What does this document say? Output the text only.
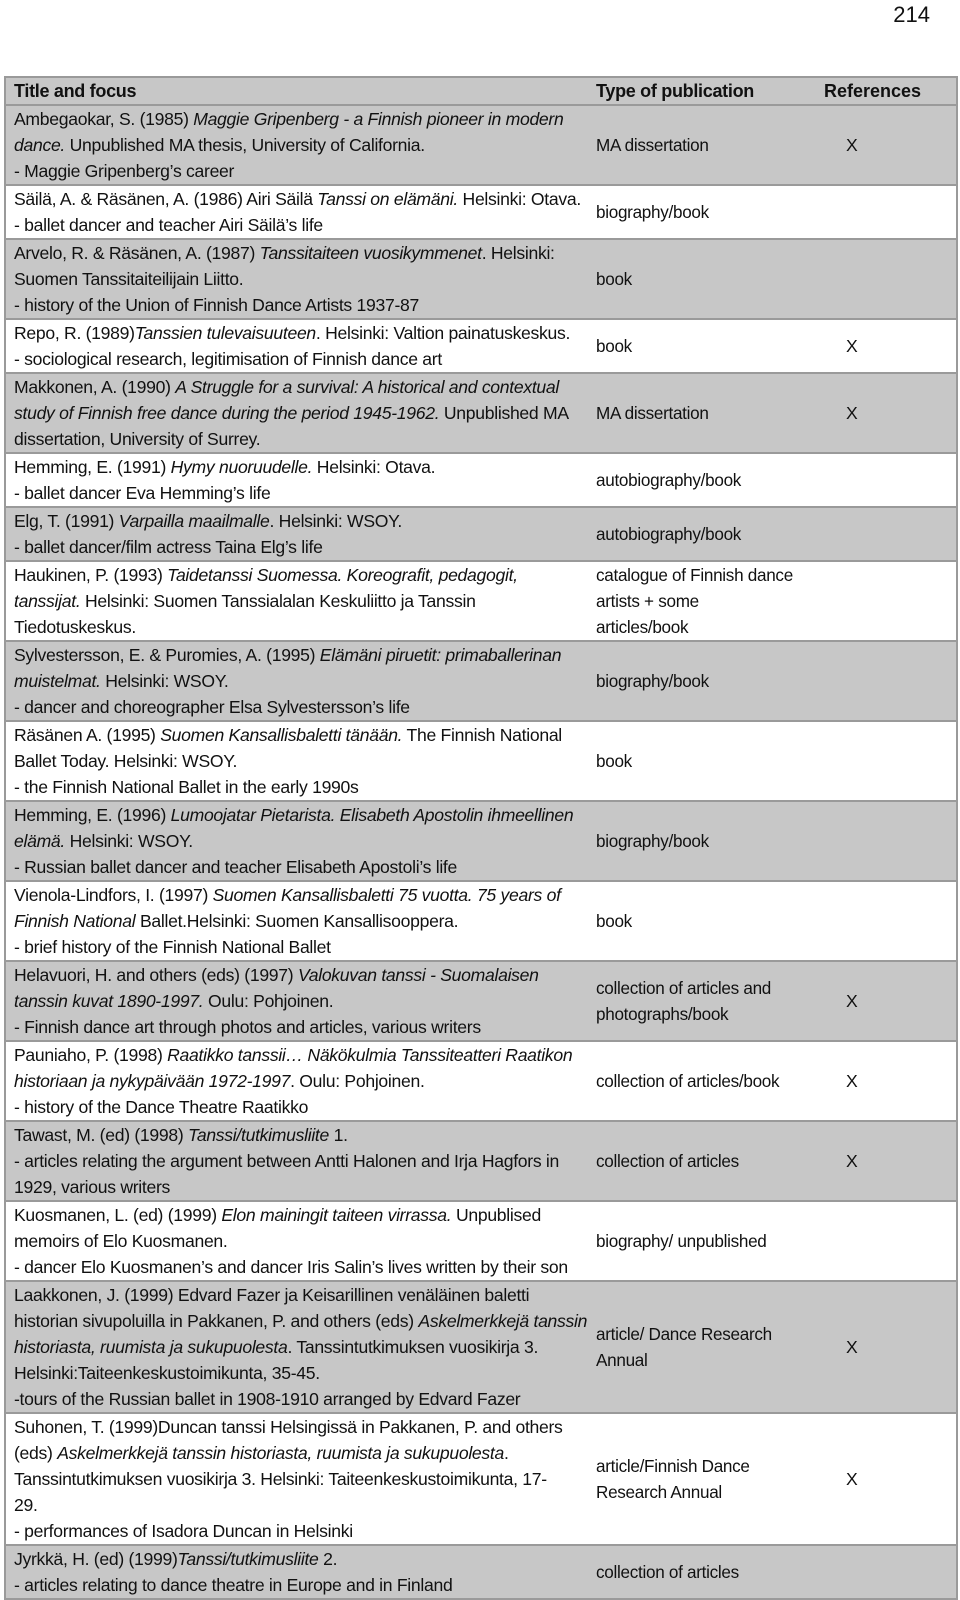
214
Title and focus	Type of publication	References
Ambegaokar, S. (1985) Maggie Gripenberg - a Finnish pioneer in modern
dance. Unpublished MA thesis, University of California.
- Maggie Gripenberg’s career
MA dissertation	X
Säilä, A. & Räsänen, A. (1986) Airi Säilä Tanssi on elämäni. Helsinki: Otava.
- ballet dancer and teacher Airi Säilä’s life
biography/book
Arvelo, R. & Räsänen, A. (1987) Tanssitaiteen vuosikymmenet. Helsinki:
Suomen Tanssitaiteilijain Liitto.
- history of the Union of Finnish Dance Artists 1937-87
book
Repo, R. (1989)Tanssien tulevaisuuteen. Helsinki: Valtion painatuskeskus.
- sociological research, legitimisation of Finnish dance art
book	X
Makkonen, A. (1990) A Struggle for a survival: A historical and contextual
study of Finnish free dance during the period 1945-1962. Unpublished MA
dissertation, University of Surrey.
MA dissertation	X
Hemming, E. (1991) Hymy nuoruudelle. Helsinki: Otava.
- ballet dancer Eva Hemming’s life
autobiography/book
Elg, T. (1991) Varpailla maailmalle. Helsinki: WSOY.
- ballet dancer/film actress Taina Elg’s life
autobiography/book
Haukinen, P. (1993) Taidetanssi Suomessa. Koreografit, pedagogit,
tanssijat. Helsinki: Suomen Tanssialalan Keskuliitto ja Tanssin
Tiedotuskeskus.
catalogue of Finnish dance
artists + some
articles/book
Sylvestersson, E. & Puromies, A. (1995) Elämäni piruetit: primaballerinan
muistelmat. Helsinki: WSOY.
- dancer and choreographer Elsa Sylvestersson’s life
biography/book
Räsänen A. (1995) Suomen Kansallisbaletti tänään. The Finnish National
Ballet Today. Helsinki: WSOY.
- the Finnish National Ballet in the early 1990s
book
Hemming, E. (1996) Lumoojatar Pietarista. Elisabeth Apostolin ihmeellinen
elämä. Helsinki: WSOY.
- Russian ballet dancer and teacher Elisabeth Apostoli’s life
biography/book
Vienola-Lindfors, I. (1997) Suomen Kansallisbaletti 75 vuotta. 75 years of
Finnish National Ballet.Helsinki: Suomen Kansallisooppera.
- brief history of the Finnish National Ballet
book
Helavuori, H. and others (eds) (1997) Valokuvan tanssi - Suomalaisen
tanssin kuvat 1890-1997. Oulu: Pohjoinen.
- Finnish dance art through photos and articles, various writers
collection of articles and
photographs/book
X
Pauniaho, P. (1998) Raatikko tanssii… Näkökulmia Tanssiteatteri Raatikon
historiaan ja nykypäivään 1972-1997. Oulu: Pohjoinen.
- history of the Dance Theatre Raatikko
collection of articles/book	X
Tawast, M. (ed) (1998) Tanssi/tutkimusliite 1.
- articles relating the argument between Antti Halonen and Irja Hagfors in
1929, various writers
collection of articles	X
Kuosmanen, L. (ed) (1999) Elon mainingit taiteen virrassa. Unpublised
memoirs of Elo Kuosmanen.
- dancer Elo Kuosmanen’s and dancer Iris Salin’s lives written by their son
biography/ unpublished
Laakkonen, J. (1999) Edvard Fazer ja Keisarillinen venäläinen baletti
historian sivupoluilla in Pakkanen, P. and others (eds) Askelmerkkejä tanssin
historiasta, ruumista ja sukupuolesta. Tanssintutkimuksen vuosikirja 3.
Helsinki:Taiteenkeskustoimikunta, 35-45.
-tours of the Russian ballet in 1908-1910 arranged by Edvard Fazer
article/ Dance Research
Annual
X
Suhonen, T. (1999)Duncan tanssi Helsingissä in Pakkanen, P. and others
(eds) Askelmerkkejä tanssin historiasta, ruumista ja sukupuolesta.
Tanssintutkimuksen vuosikirja 3. Helsinki: Taiteenkeskustoimikunta, 17-
29.
- performances of Isadora Duncan in Helsinki
article/Finnish Dance
Research Annual
X
Jyrkkä, H. (ed) (1999)Tanssi/tutkimusliite 2.
- articles relating to dance theatre in Europe and in Finland
collection of articles
